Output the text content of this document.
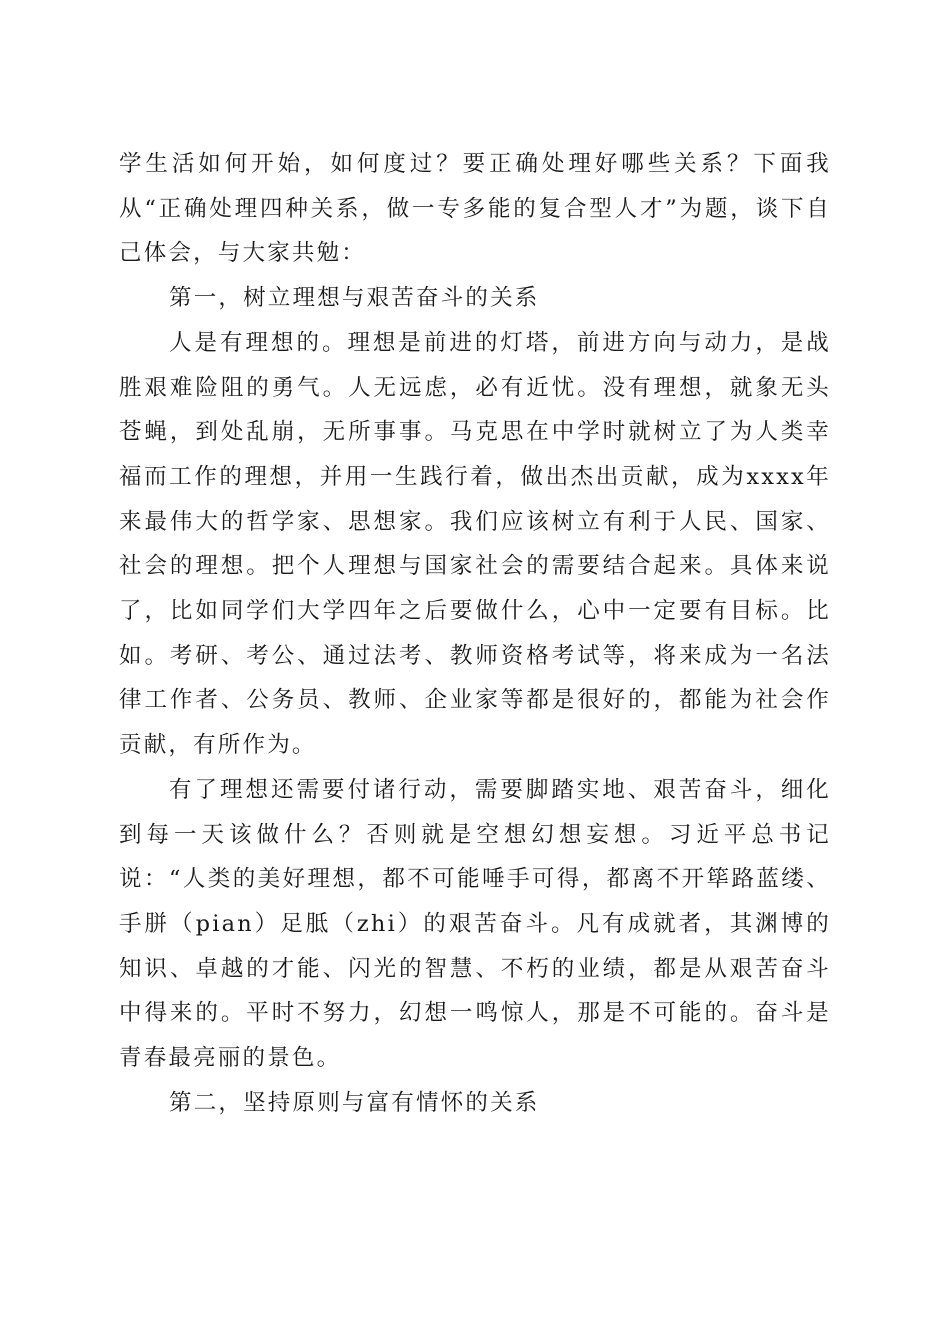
学生活如何开始，如何度过？要正确处理好哪些关系？下面我从“正确处理四种关系，做一专多能的复合型人才”为题，谈下自己体会，与大家共勉：

第一，树立理想与艰苦奋斗的关系

人是有理想的。理想是前进的灯塔，前进方向与动力，是战胜艰难险阻的勇气。人无远虑，必有近忧。没有理想，就象无头苍蝇，到处乱崩，无所事事。马克思在中学时就树立了为人类幸福而工作的理想，并用一生践行着，做出杰出贡献，成为xxxx年来最伟大的哲学家、思想家。我们应该树立有利于人民、国家、社会的理想。把个人理想与国家社会的需要结合起来。具体来说了，比如同学们大学四年之后要做什么，心中一定要有目标。比如。考研、考公、通过法考、教师资格考试等，将来成为一名法律工作者、公务员、教师、企业家等都是很好的，都能为社会作贡献，有所作为。

有了理想还需要付诸行动，需要脚踏实地、艰苦奋斗，细化到每一天该做什么？否则就是空想幻想妄想。习近平总书记说：“人类的美好理想，都不可能唾手可得，都离不开筚路蓝缕、手胼（pian）足胝（zhi）的艰苦奋斗。凡有成就者，其渊博的知识、卓越的才能、闪光的智慧、不朽的业绩，都是从艰苦奋斗中得来的。平时不努力，幻想一鸣惊人，那是不可能的。奋斗是青春最亮丽的景色。

第二，坚持原则与富有情怀的关系
